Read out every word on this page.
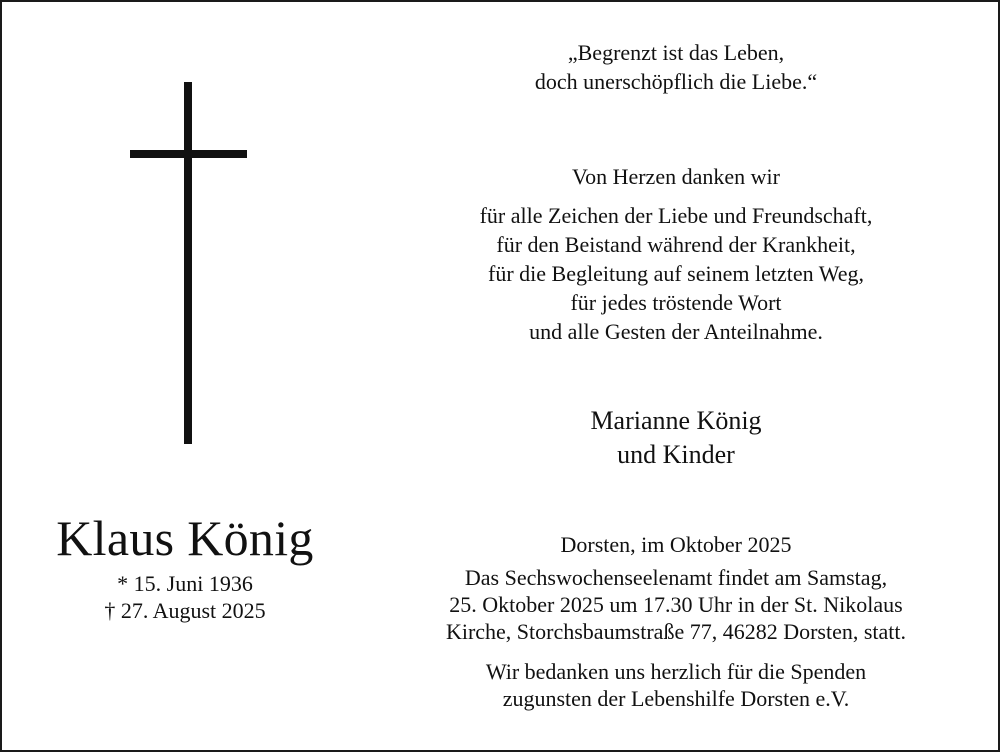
Klaus König
* 15. Juni 1936
† 27. August 2025
„Begrenzt ist das Leben,
doch unerschöpflich die Liebe.“
Von Herzen danken wir
für alle Zeichen der Liebe und Freundschaft,
für den Beistand während der Krankheit,
für die Begleitung auf seinem letzten Weg,
für jedes tröstende Wort
und alle Gesten der Anteilnahme.
Marianne König
und Kinder
Dorsten, im Oktober 2025
Das Sechswochenseelenamt findet am Samstag,
25. Oktober 2025 um 17.30 Uhr in der St. Nikolaus
Kirche, Storchsbaumstraße 77, 46282 Dorsten, statt.
Wir bedanken uns herzlich für die Spenden
zugunsten der Lebenshilfe Dorsten e.V.
